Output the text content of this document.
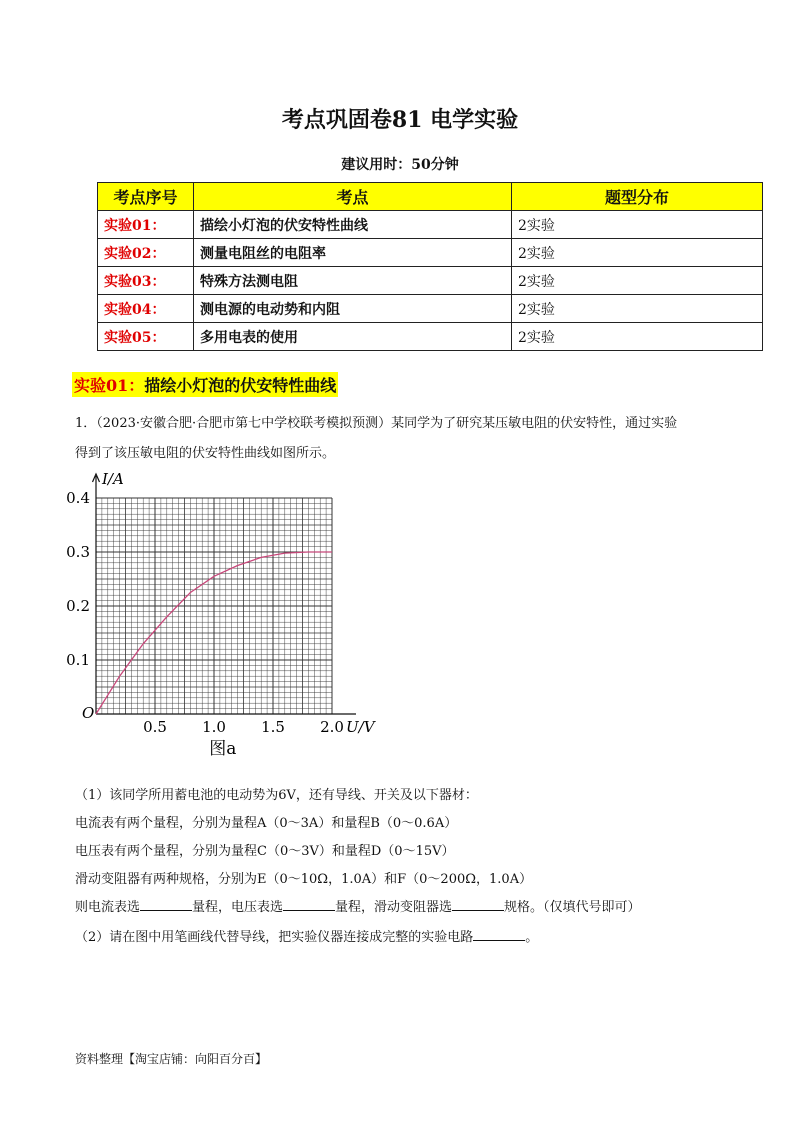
考点巩固卷81 电学实验
建议用时：50分钟
考点序号	考点	题型分布
实验01：	描绘小灯泡的伏安特性曲线	2实验
实验02：	测量电阻丝的电阻率	2实验
实验03：	特殊方法测电阻	2实验
实验04：	测电源的电动势和内阻	2实验
实验05：	多用电表的使用	2实验
实验01：描绘小灯泡的伏安特性曲线
1．（2023·安徽合肥·合肥市第七中学校联考模拟预测）某同学为了研究某压敏电阻的伏安特性，通过实验
得到了该压敏电阻的伏安特性曲线如图所示。
I/A
U/V
O
图a
0.5 1.0 1.5 2.0
0.1
0.2
0.3
0.4
（1）该同学所用蓄电池的电动势为6V，还有导线、开关及以下器材：
电流表有两个量程，分别为量程A（0～3A）和量程B（0～0.6A）
电压表有两个量程，分别为量程C（0～3V）和量程D（0～15V）
滑动变阻器有两种规格，分别为E（0～10Ω，1.0A）和F（0～200Ω，1.0A）
则电流表选	量程，电压表选	量程，滑动变阻器选	规格。（仅填代号即可）
（2）请在图中用笔画线代替导线，把实验仪器连接成完整的实验电路	。
资料整理【淘宝店铺：向阳百分百】
